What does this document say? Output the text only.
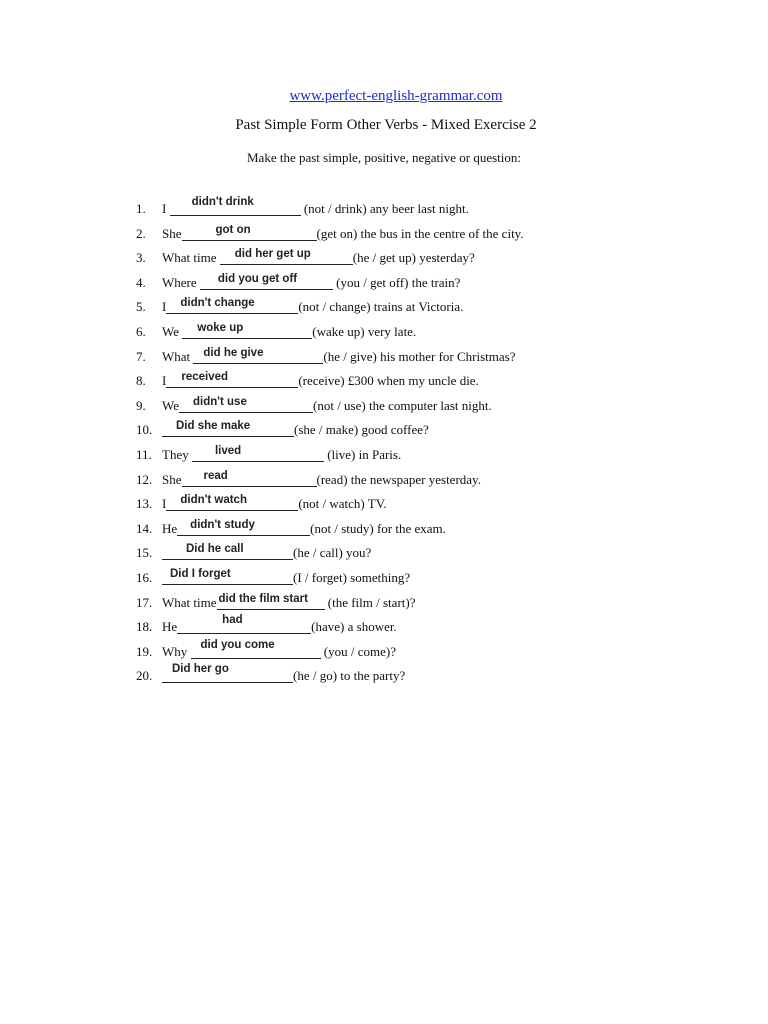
www.perfect-english-grammar.com
Past Simple Form Other Verbs - Mixed Exercise 2
Make the past simple, positive, negative or question:
1.	I didn't drink	(not / drink) any beer last night.
2.	She	got on	(get on) the bus in the centre of the city.
3.	What time did her get up	(he / get up) yesterday?
4.	Where did you get off	(you / get off) the train?
5.	I didn't change	(not / change) trains at Victoria.
6.	We woke up	(wake up) very late.
7.	What did he give	(he / give) his mother for Christmas?
8.	I received	(receive) £300 when my uncle die.
9.	We didn't use	(not / use) the computer last night.
10.	Did she make	(she / make) good coffee?
11. They lived	(live) in Paris.
12. She read	(read) the newspaper yesterday.
13. I didn't watch	(not / watch) TV.
14. He didn't study	(not / study) for the exam.
15.	Did he call	(he / call) you?
16.	Did I forget	(I / forget) something?
17. What time did the film start (the film / start)?
18. He	had	(have) a shower.
19. Why did you come	(you / come)?
20.	Did her go	(he / go) to the party?
